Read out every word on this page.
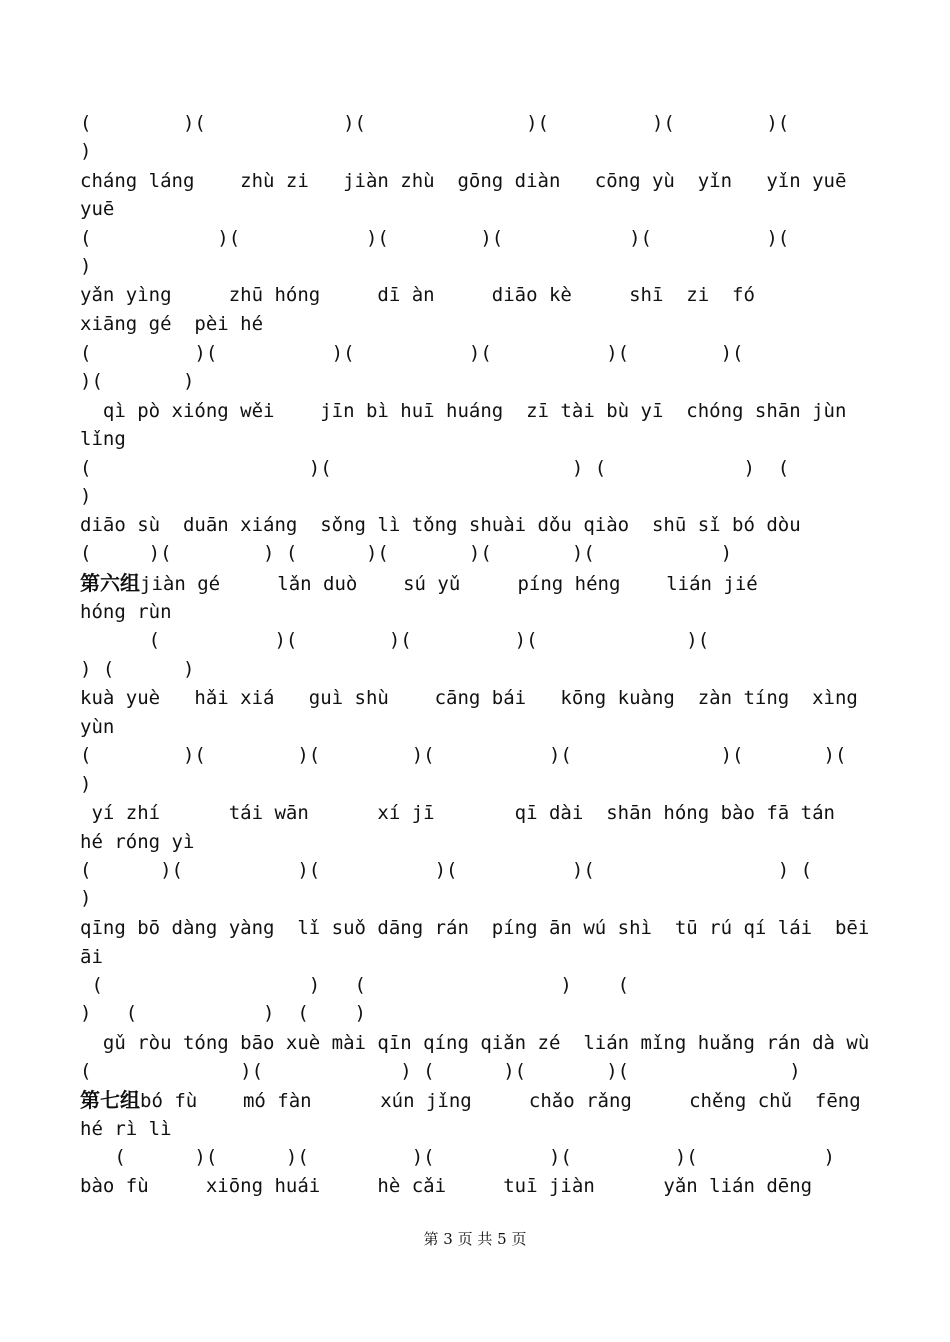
(        )(            )(              )(         )(        )(
)
cháng láng    zhù zi   jiàn zhù  gōng diàn   cōng yù  yǐn   yǐn yuē
yuē
(           )(           )(        )(           )(          )(
)
yǎn yìng     zhū hóng     dī àn     diāo kè     shī  zi  fó
xiāng gé  pèi hé
(         )(          )(          )(          )(        )(
)(       )
qì pò xióng wěi    jīn bì huī huáng  zī tài bù yī  chóng shān jùn
lǐng
(                   )(                     ) (            )  (
)
diāo sù  duān xiáng  sǒng lì tǒng shuài dǒu qiào  shū sǐ bó dòu
(     )(        ) (      )(       )(       )(           )
第六组jiàn gé     lǎn duò    sú yǔ     píng héng    lián jié
hóng rùn
(          )(        )(         )(             )(
) (      )
kuà yuè   hǎi xiá   guì shù    cāng bái   kōng kuàng  zàn tíng  xìng
yùn
(        )(        )(        )(          )(             )(       )(
)
yí zhí      tái wān      xí jī       qī dài  shān hóng bào fā tán
hé róng yì
(      )(          )(          )(          )(                ) (
)
qīng bō dàng yàng  lǐ suǒ dāng rán  píng ān wú shì  tū rú qí lái  bēi
āi
(                  )   (                 )    (
)   (           )  (    )
gǔ ròu tóng bāo xuè mài qīn qíng qiǎn zé  lián mǐng huǎng rán dà wù
(             )(            ) (      )(       )(              )
第七组bó fù    mó fàn      xún jǐng     chǎo rǎng     chěng chǔ  fēng
hé rì lì
(      )(      )(         )(          )(         )(           )
bào fù     xiōng huái     hè cǎi     tuī jiàn      yǎn lián dēng
第 3 页 共 5 页
